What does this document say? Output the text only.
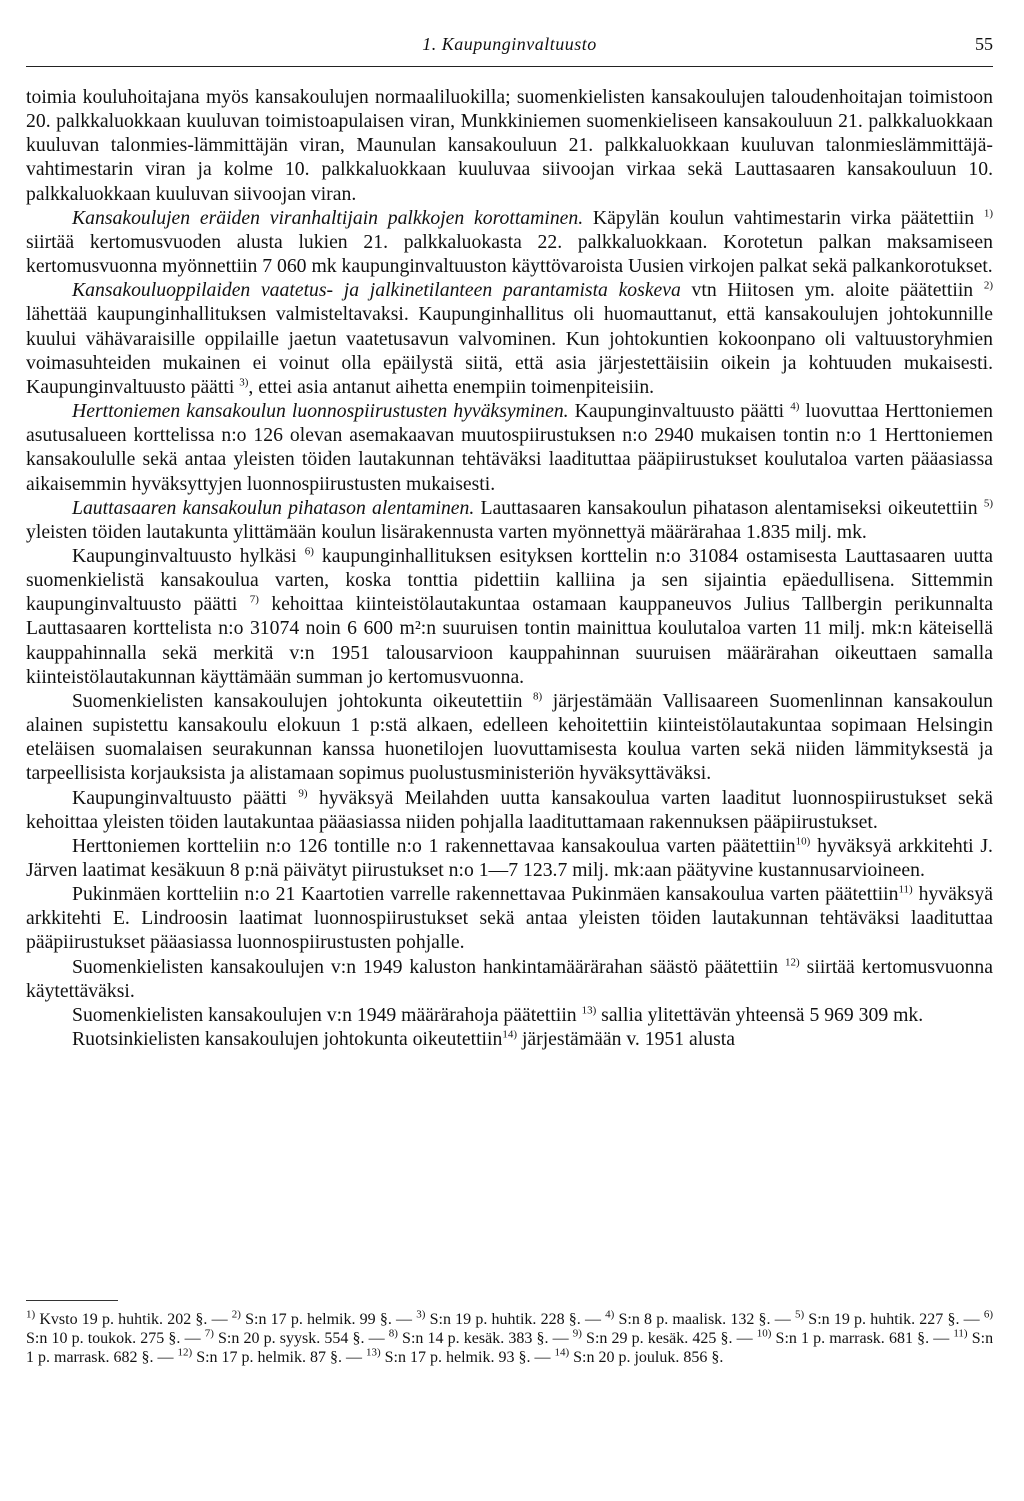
1. Kaupunginvaltuusto	55

toimia kouluhoitajana myös kansakoulujen normaaliluokilla; suomenkielisten kansakoulujen taloudenhoitajan toimistoon 20. palkkaluokkaan kuuluvan toimistoapulaisen viran, Munkkiniemen suomenkieliseen kansakouluun 21. palkkaluokkaan kuuluvan talonmies-lämmittäjän viran, Maunulan kansakouluun 21. palkkaluokkaan kuuluvan talonmieslämmittäjä-vahtimestarin viran ja kolme 10. palkkaluokkaan kuuluvaa siivoojan virkaa sekä Lauttasaaren kansakouluun 10. palkkaluokkaan kuuluvan siivoojan viran.

Kansakoulujen eräiden viranhaltijain palkkojen korottaminen. Käpylän koulun vahtimestarin virka päätettiin $^{1)}$ siirtää kertomusvuoden alusta lukien 21. palkkaluokasta 22. palkkaluokkaan. Korotetun palkan maksamiseen kertomusvuonna myönnettiin 7 060 mk kaupunginvaltuuston käyttövaroista Uusien virkojen palkat sekä palkankorotukset.

Kansakouluoppilaiden vaatetus- ja jalkinetilanteen parantamista koskeva vtn Hiitosen ym. aloite päätettiin $^{2)}$ lähettää kaupunginhallituksen valmisteltavaksi. Kaupunginhallitus oli huomauttanut, että kansakoulujen johtokunnille kuului vähävaraisille oppilaille jaetun vaatetusavun valvominen. Kun johtokuntien kokoonpano oli valtuustoryhmien voimasuhteiden mukainen ei voinut olla epäilystä siitä, että asia järjestettäisiin oikein ja kohtuuden mukaisesti. Kaupunginvaltuusto päätti $^{3)}$, ettei asia antanut aihetta enempiin toimenpiteisiin.

Herttoniemen kansakoulun luonnospiirustusten hyväksyminen. Kaupunginvaltuusto päätti $^{4)}$ luovuttaa Herttoniemen asutusalueen korttelissa n:o 126 olevan asemakaavan muutospiirustuksen n:o 2940 mukaisen tontin n:o 1 Herttoniemen kansakoululle sekä antaa yleisten töiden lautakunnan tehtäväksi laadituttaa pääpiirustukset koulutaloa varten pääasiassa aikaisemmin hyväksyttyjen luonnospiirustusten mukaisesti.

Lauttasaaren kansakoulun pihatason alentaminen. Lauttasaaren kansakoulun pihatason alentamiseksi oikeutettiin $^{5)}$ yleisten töiden lautakunta ylittämään koulun lisärakennusta varten myönnettyä määrärahaa 1.835 milj. mk.

Kaupunginvaltuusto hylkäsi $^{6)}$ kaupunginhallituksen esityksen korttelin n:o 31084 ostamisesta Lauttasaaren uutta suomenkielistä kansakoulua varten, koska tonttia pidettiin kalliina ja sen sijaintia epäedullisena. Sittemmin kaupunginvaltuusto päätti $^{7)}$ kehoittaa kiinteistölautakuntaa ostamaan kauppaneuvos Julius Tallbergin perikunnalta Lauttasaaren korttelista n:o 31074 noin 6 600 m²:n suuruisen tontin mainittua koulutaloa varten 11 milj. mk:n käteisellä kauppahinnalla sekä merkitä v:n 1951 talousarvioon kauppahinnan suuruisen määrärahan oikeuttaen samalla kiinteistölautakunnan käyttämään summan jo kertomusvuonna.

Suomenkielisten kansakoulujen johtokunta oikeutettiin $^{8)}$ järjestämään Vallisaareen Suomenlinnan kansakoulun alainen supistettu kansakoulu elokuun 1 p:stä alkaen, edelleen kehoitettiin kiinteistölautakuntaa sopimaan Helsingin eteläisen suomalaisen seurakunnan kanssa huonetilojen luovuttamisesta koulua varten sekä niiden lämmityksestä ja tarpeellisista korjauksista ja alistamaan sopimus puolustusministeriön hyväksyttäväksi.

Kaupunginvaltuusto päätti $^{9)}$ hyväksyä Meilahden uutta kansakoulua varten laaditut luonnospiirustukset sekä kehoittaa yleisten töiden lautakuntaa pääasiassa niiden pohjalla laadituttamaan rakennuksen pääpiirustukset.

Herttoniemen kortteliin n:o 126 tontille n:o 1 rakennettavaa kansakoulua varten päätettiin$^{10)}$ hyväksyä arkkitehti J. Järven laatimat kesäkuun 8 p:nä päivätyt piirustukset n:o 1—7 123.7 milj. mk:aan päätyvine kustannusarvioineen.

Pukinmäen kortteliin n:o 21 Kaartotien varrelle rakennettavaa Pukinmäen kansakoulua varten päätettiin$^{11)}$ hyväksyä arkkitehti E. Lindroosin laatimat luonnospiirustukset sekä antaa yleisten töiden lautakunnan tehtäväksi laadituttaa pääpiirustukset pääasiassa luonnospiirustusten pohjalle.

Suomenkielisten kansakoulujen v:n 1949 kaluston hankintamäärärahan säästö päätettiin $^{12)}$ siirtää kertomusvuonna käytettäväksi.

Suomenkielisten kansakoulujen v:n 1949 määrärahoja päätettiin $^{13)}$ sallia ylitettävän yhteensä 5 969 309 mk.

Ruotsinkielisten kansakoulujen johtokunta oikeutettiin$^{14)}$ järjestämään v. 1951 alusta

$^{1)}$ Kvsto 19 p. huhtik. 202 §. — $^{2)}$ S:n 17 p. helmik. 99 §. — $^{3)}$ S:n 19 p. huhtik. 228 §. — $^{4)}$ S:n 8 p. maalisk. 132 §. — $^{5)}$ S:n 19 p. huhtik. 227 §. — $^{6)}$ S:n 10 p. toukok. 275 §. — $^{7)}$ S:n 20 p. syysk. 554 §. — $^{8)}$ S:n 14 p. kesäk. 383 §. — $^{9)}$ S:n 29 p. kesäk. 425 §. — $^{10)}$ S:n 1 p. marrask. 681 §. — $^{11)}$ S:n 1 p. marrask. 682 §. — $^{12)}$ S:n 17 p. helmik. 87 §. — $^{13)}$ S:n 17 p. helmik. 93 §. — $^{14)}$ S:n 20 p. jouluk. 856 §.
